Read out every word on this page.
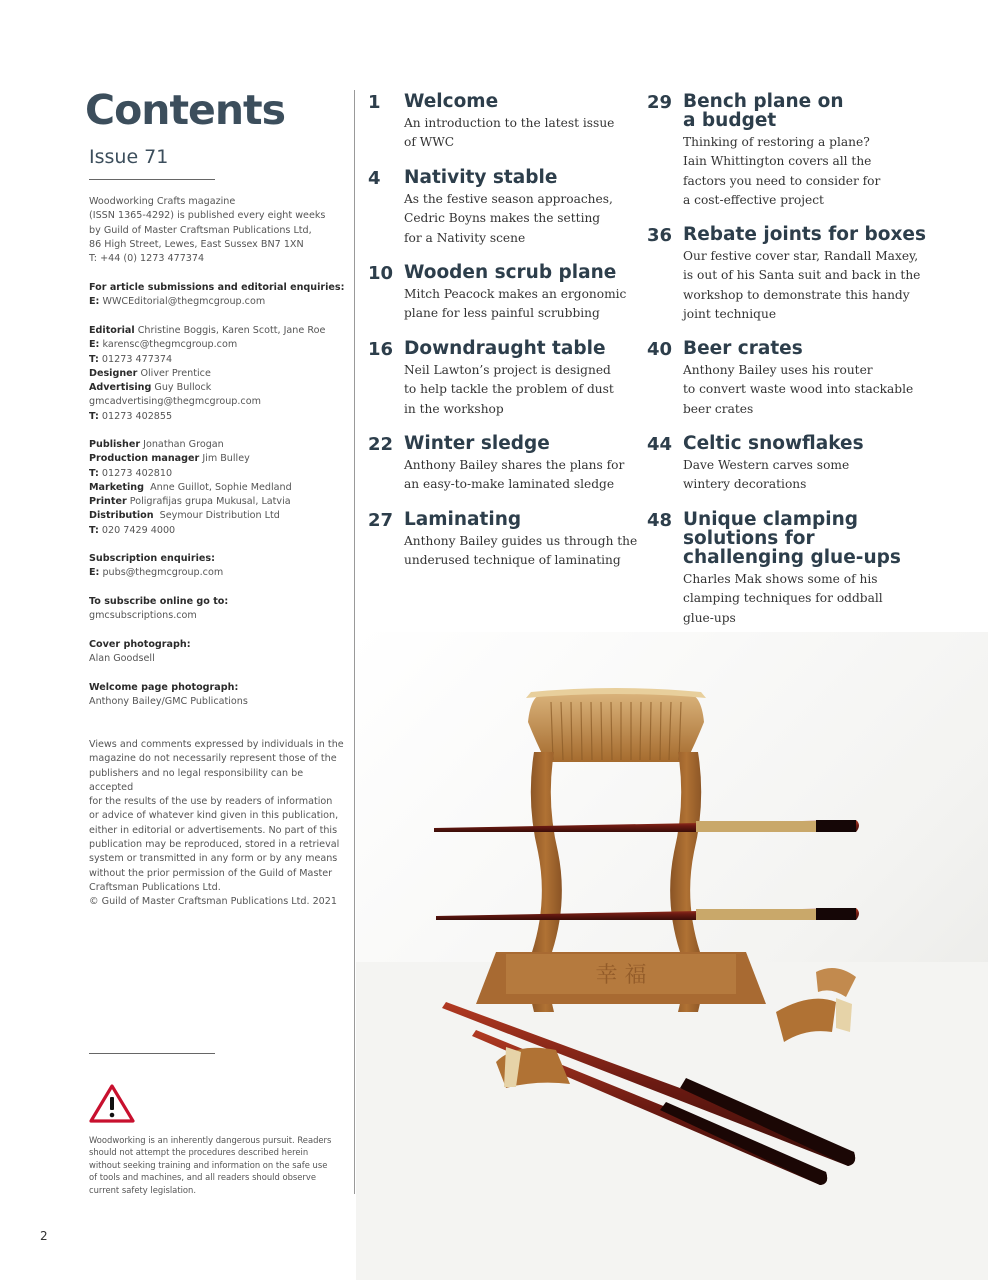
Contents
Issue 71

Woodworking Crafts magazine

(ISSN 1365-4292) is published every eight weeks

by Guild of Master Craftsman Publications Ltd,

86 High Street, Lewes, East Sussex BN7 1XN

T: +44 (0) 1273 477374

For article submissions and editorial enquiries:

E: WWCEditorial@thegmcgroup.com

Editorial Christine Boggis, Karen Scott, Jane Roe

E: karensc@thegmcgroup.com

T: 01273 477374

Designer Oliver Prentice

Advertising Guy Bullock

gmcadvertising@thegmcgroup.com

T: 01273 402855

Publisher Jonathan Grogan

Production manager Jim Bulley

T: 01273 402810

Marketing Anne Guillot, Sophie Medland

Printer Poligrafijas grupa Mukusal, Latvia

Distribution Seymour Distribution Ltd

T: 020 7429 4000

Subscription enquiries:

E: pubs@thegmcgroup.com

To subscribe online go to:

gmcsubscriptions.com

Cover photograph:

Alan Goodsell

Welcome page photograph:

Anthony Bailey/GMC Publications

Views and comments expressed by individuals in the
magazine do not necessarily represent those of the
publishers and no legal responsibility can be accepted
for the results of the use by readers of information
or advice of whatever kind given in this publication,
either in editorial or advertisements. No part of this
publication may be reproduced, stored in a retrieval
system or transmitted in any form or by any means
without the prior permission of the Guild of Master
Craftsman Publications Ltd.
© Guild of Master Craftsman Publications Ltd. 2021
Woodworking is an inherently dangerous pursuit. Readers
should not attempt the procedures described herein
without seeking training and information on the safe use
of tools and machines, and all readers should observe
current safety legislation.
2
1 Welcome
An introduction to the latest issue
of WWC
4 Nativity stable
As the festive season approaches,
Cedric Boyns makes the setting
for a Nativity scene
10 Wooden scrub plane
Mitch Peacock makes an ergonomic
plane for less painful scrubbing
16 Downdraught table
Neil Lawton’s project is designed
to help tackle the problem of dust
in the workshop
22 Winter sledge
Anthony Bailey shares the plans for
an easy-to-make laminated sledge
27 Laminating
Anthony Bailey guides us through the
underused technique of laminating
29 Bench plane on
a budget
Thinking of restoring a plane?
Iain Whittington covers all the
factors you need to consider for
a cost-effective project
36 Rebate joints for boxes
Our festive cover star, Randall Maxey,
is out of his Santa suit and back in the
workshop to demonstrate this handy
joint technique
40 Beer crates
Anthony Bailey uses his router
to convert waste wood into stackable
beer crates
44 Celtic snowflakes
Dave Western carves some
wintery decorations
48 Unique clamping
solutions for
challenging glue-ups
Charles Mak shows some of his
clamping techniques for oddball
glue-ups
幸 福
